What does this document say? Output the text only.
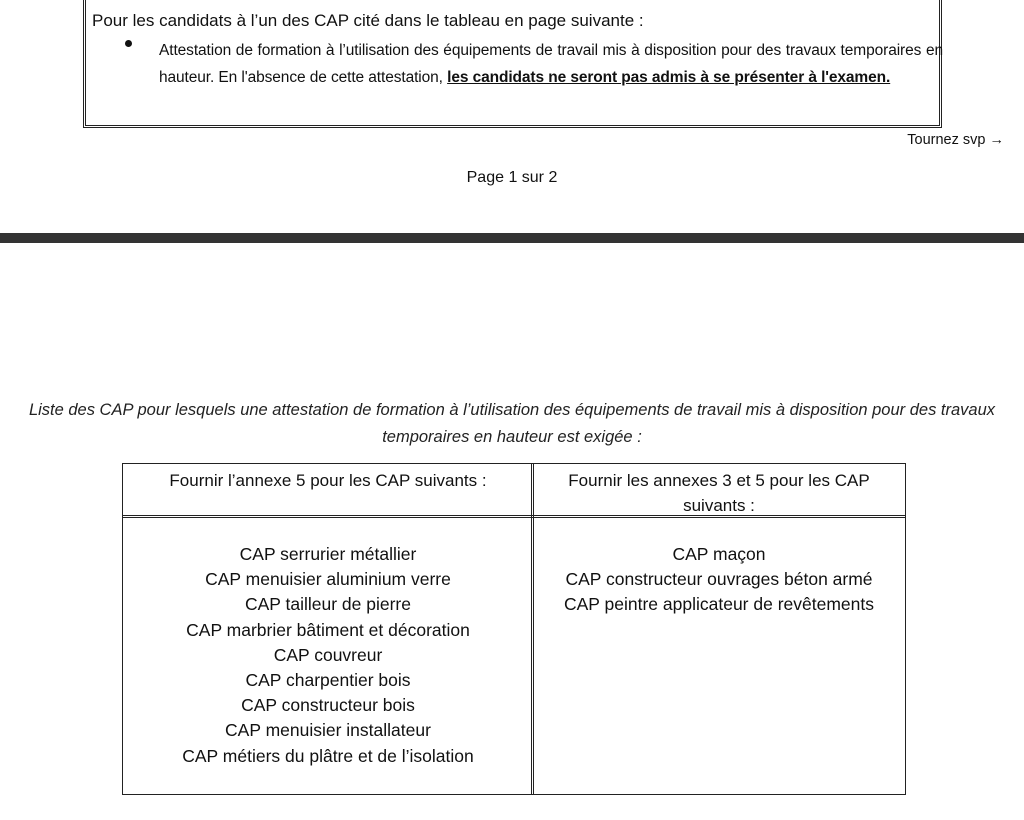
Pour les candidats à l’un des CAP cité dans le tableau en page suivante :
Attestation de formation à l’utilisation des équipements de travail mis à disposition pour des travaux temporaires en hauteur. En l'absence de cette attestation, les candidats ne seront pas admis à se présenter à l'examen.
Tournez svp →
Page 1 sur 2
Liste des CAP pour lesquels une attestation de formation à l’utilisation des équipements de travail mis à disposition pour des travaux temporaires en hauteur est exigée :
Fournir l’annexe 5 pour les CAP suivants :	Fournir les annexes 3 et 5 pour les CAP suivants :
CAP serrurier métallier
CAP menuisier aluminium verre
CAP tailleur de pierre
CAP marbrier bâtiment et décoration
CAP couvreur
CAP charpentier bois
CAP constructeur bois
CAP menuisier installateur
CAP métiers du plâtre et de l’isolation
CAP maçon
CAP constructeur ouvrages béton armé
CAP peintre applicateur de revêtements
